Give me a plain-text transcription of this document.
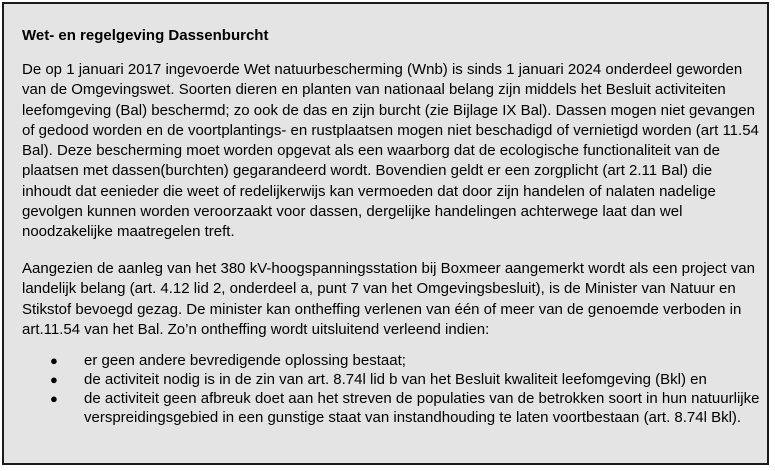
Wet- en regelgeving Dassenburcht
De op 1 januari 2017 ingevoerde Wet natuurbescherming (Wnb) is sinds 1 januari 2024 onderdeel geworden van de Omgevingswet. Soorten dieren en planten van nationaal belang zijn middels het Besluit activiteiten leefomgeving (Bal) beschermd; zo ook de das en zijn burcht (zie Bijlage IX Bal). Dassen mogen niet gevangen of gedood worden en de voortplantings- en rustplaatsen mogen niet beschadigd of vernietigd worden (art 11.54 Bal). Deze bescherming moet worden opgevat als een waarborg dat de ecologische functionaliteit van de plaatsen met dassen(burchten) gegarandeerd wordt. Bovendien geldt er een zorgplicht (art 2.11 Bal) die inhoudt dat eenieder die weet of redelijkerwijs kan vermoeden dat door zijn handelen of nalaten nadelige gevolgen kunnen worden veroorzaakt voor dassen, dergelijke handelingen achterwege laat dan wel noodzakelijke maatregelen treft.
Aangezien de aanleg van het 380 kV-hoogspanningsstation bij Boxmeer aangemerkt wordt als een project van landelijk belang (art. 4.12 lid 2, onderdeel a, punt 7 van het Omgevingsbesluit), is de Minister van Natuur en Stikstof bevoegd gezag. De minister kan ontheffing verlenen van één of meer van de genoemde verboden in art.11.54 van het Bal. Zo’n ontheffing wordt uitsluitend verleend indien:
● er geen andere bevredigende oplossing bestaat;
● de activiteit nodig is in de zin van art. 8.74l lid b van het Besluit kwaliteit leefomgeving (Bkl) en
● de activiteit geen afbreuk doet aan het streven de populaties van de betrokken soort in hun natuurlijke verspreidingsgebied in een gunstige staat van instandhouding te laten voortbestaan (art. 8.74l Bkl).
